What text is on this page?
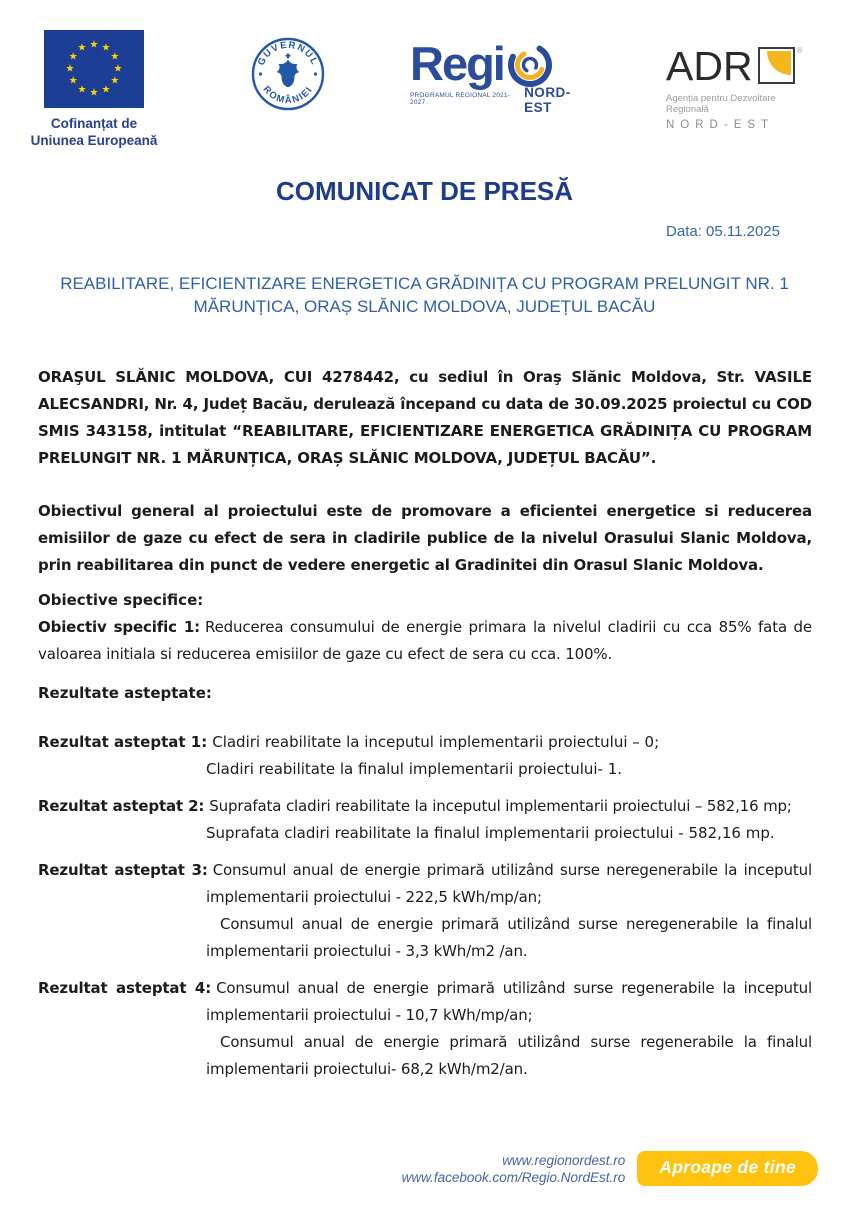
★ ★
★
★
★
★
★
★
★
★
★
★
Cofinanțat de
Uniunea Europeană
GUVERNUL
ROMÂNIEI Regi
PROGRAMUL REGIONAL 2021-2027
NORD-EST
ADR	®
Agenția pentru Dezvoltare Regională
NORD-EST
COMUNICAT DE PRESĂ
Data: 05.11.2025
REABILITARE, EFICIENTIZARE ENERGETICA GRĂDINIȚA CU PROGRAM PRELUNGIT NR. 1 MĂRUNȚICA, ORAȘ SLĂNIC MOLDOVA, JUDEȚUL BACĂU

ORAŞUL SLĂNIC MOLDOVA, CUI 4278442, cu sediul în Oraş Slănic Moldova, Str. VASILE ALECSANDRI, Nr. 4, Județ Bacău, derulează începand cu data de 30.09.2025 proiectul cu COD SMIS 343158, intitulat “REABILITARE, EFICIENTIZARE ENERGETICA GRĂDINIȚA CU PROGRAM PRELUNGIT NR. 1 MĂRUNȚICA, ORAȘ SLĂNIC MOLDOVA, JUDEȚUL BACĂU”.

Obiectivul general al proiectului este de promovare a eficientei energetice si reducerea emisiilor de gaze cu efect de sera in cladirile publice de la nivelul Orasului Slanic Moldova, prin reabilitarea din punct de vedere energetic al Gradinitei din Orasul Slanic Moldova.

Obiective specifice:

Obiectiv specific 1: Reducerea consumului de energie primara la nivelul cladirii cu cca 85% fata de valoarea initiala si reducerea emisiilor de gaze cu efect de sera cu cca. 100%.

Rezultate asteptate:

Rezultat asteptat 1: Cladiri reabilitate la inceputul implementarii proiectului – 0;

Cladiri reabilitate la finalul implementarii proiectului- 1.

Rezultat asteptat 2: Suprafata cladiri reabilitate la inceputul implementarii proiectului – 582,16 mp;

Suprafata cladiri reabilitate la finalul implementarii proiectului - 582,16 mp.

Rezultat asteptat 3: Consumul anual de energie primară utilizând surse neregenerabile la inceputul implementarii proiectului - 222,5 kWh/mp/an;

Consumul anual de energie primară utilizând surse neregenerabile la finalul implementarii proiectului - 3,3 kWh/m2 /an.

Rezultat asteptat 4: Consumul anual de energie primară utilizând surse regenerabile la inceputul implementarii proiectului - 10,7 kWh/mp/an;

Consumul anual de energie primară utilizând surse regenerabile la finalul implementarii proiectului- 68,2 kWh/m2/an.

www.regionordest.ro
www.facebook.com/Regio.NordEst.ro	Aproape de tine
